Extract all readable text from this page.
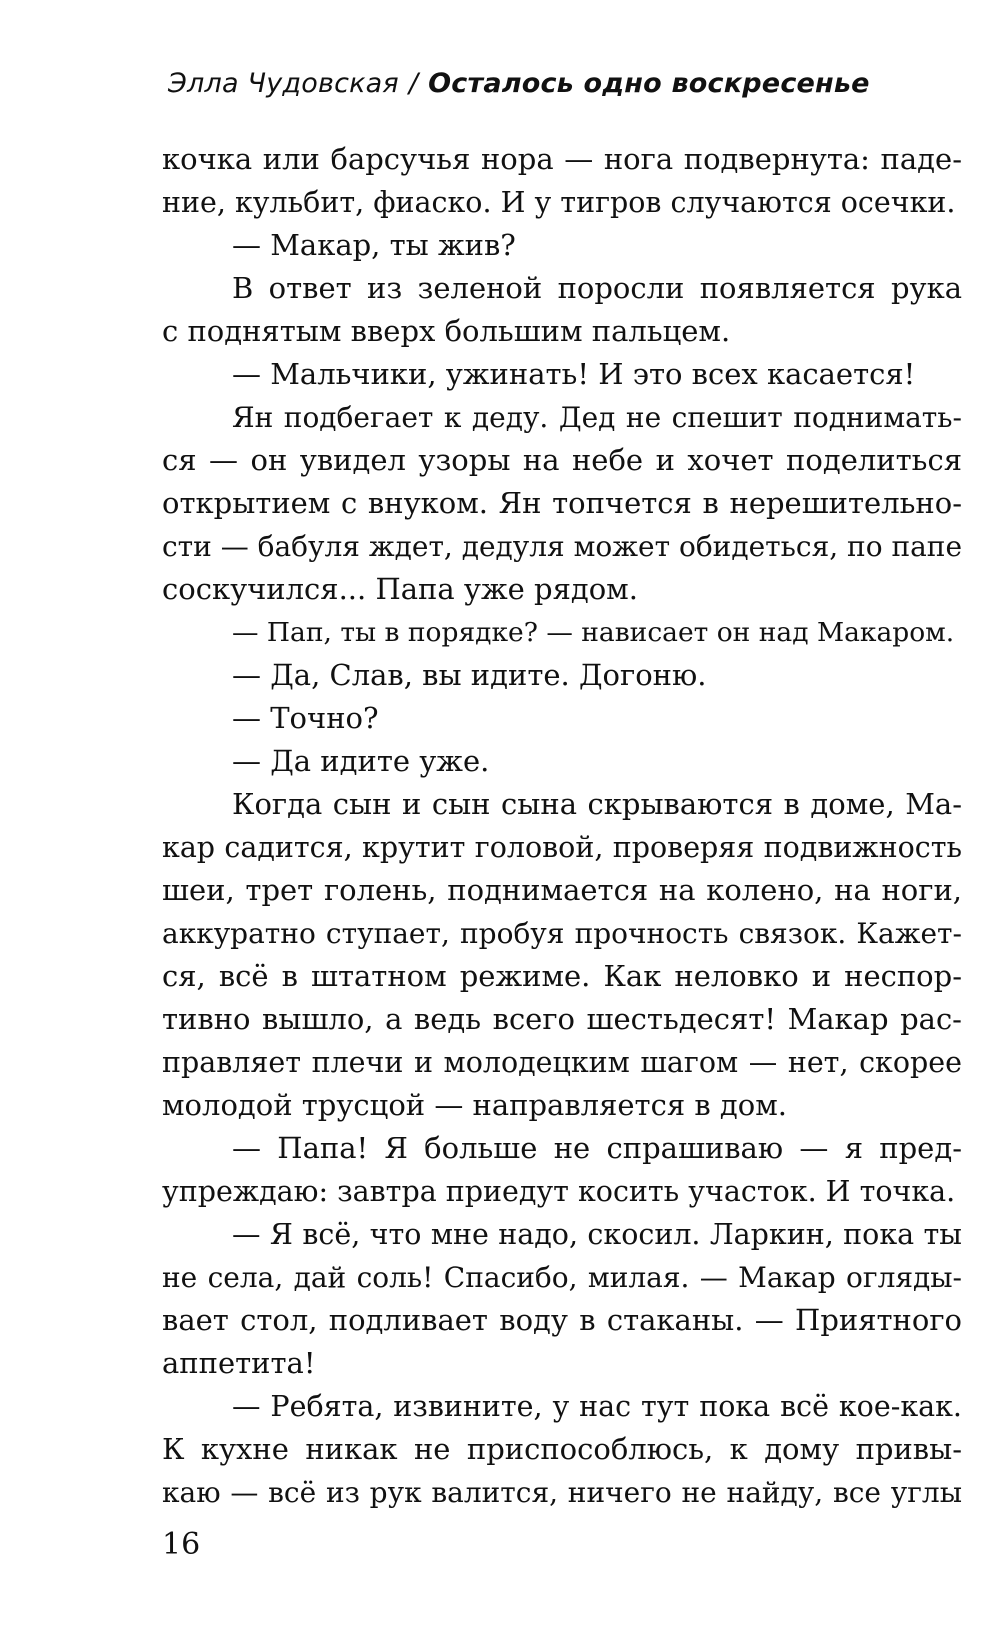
Элла Чудовская / Осталось одно воскресенье
кочка или барсучья нора — нога подвернута: паде-
ние, кульбит, фиаско. И у тигров случаются осечки.
— Макар, ты жив?
В ответ из зеленой поросли появляется рука
с поднятым вверх большим пальцем.
— Мальчики, ужинать! И это всех касается!
Ян подбегает к деду. Дед не спешит поднимать-
ся — он увидел узоры на небе и хочет поделиться
открытием с внуком. Ян топчется в нерешительно-
сти — бабуля ждет, дедуля может обидеться, по папе
соскучился... Папа уже рядом.
— Пап, ты в порядке? — нависает он над Макаром.
— Да, Слав, вы идите. Догоню.
— Точно?
— Да идите уже.
Когда сын и сын сына скрываются в доме, Ма-
кар садится, крутит головой, проверяя подвижность
шеи, трет голень, поднимается на колено, на ноги,
аккуратно ступает, пробуя прочность связок. Кажет-
ся, всё в штатном режиме. Как неловко и неспор-
тивно вышло, а ведь всего шестьдесят! Макар рас-
правляет плечи и молодецким шагом — нет, скорее
молодой трусцой — направляется в дом.
— Папа! Я больше не спрашиваю — я пред-
упреждаю: завтра приедут косить участок. И точка.
— Я всё, что мне надо, скосил. Ларкин, пока ты
не села, дай соль! Спасибо, милая. — Макар огляды-
вает стол, подливает воду в стаканы. — Приятного
аппетита!
— Ребята, извините, у нас тут пока всё кое-как.
К кухне никак не приспособлюсь, к дому привы-
каю — всё из рук валится, ничего не найду, все углы
16
